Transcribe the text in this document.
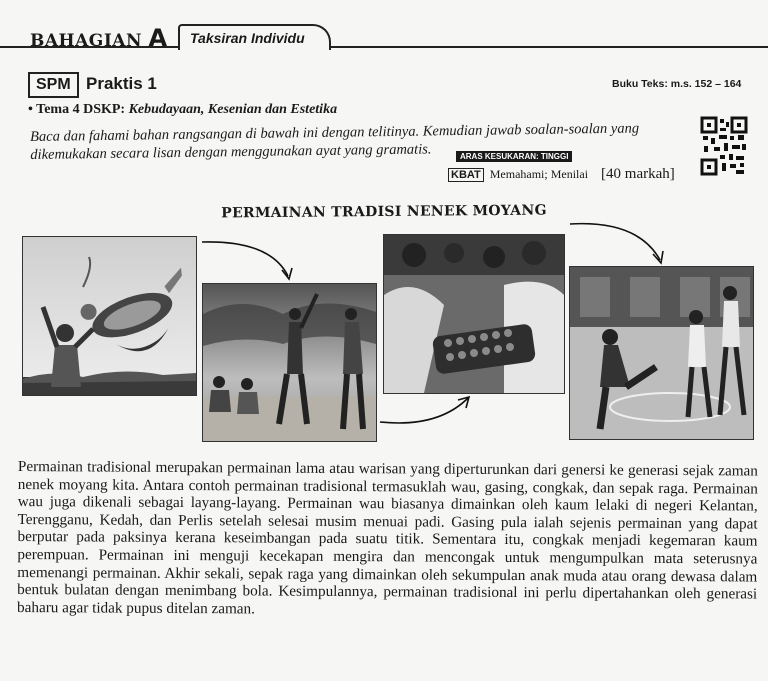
BAHAGIAN A	Taksiran Individu
SPM Praktis 1	Buku Teks: m.s. 152 – 164
• Tema 4 DSKP: Kebudayaan, Kesenian dan Estetika
Baca dan fahami bahan rangsangan di bawah ini dengan telitinya. Kemudian jawab soalan-soalan yang
dikemukakan secara lisan dengan menggunakan ayat yang gramatis.	ARAS KESUKARAN: TINGGI
KBAT Memahami; Menilai [40 markah]
PERMAINAN TRADISI NENEK MOYANG
Permainan tradisional merupakan permainan lama atau warisan yang diperturunkan dari genersi ke generasi sejak zaman nenek moyang kita. Antara contoh permainan tradisional termasuklah wau, gasing, congkak, dan sepak raga. Permainan wau juga dikenali sebagai layang-layang. Permainan wau biasanya dimainkan oleh kaum lelaki di negeri Kelantan, Terengganu, Kedah, dan Perlis setelah selesai musim menuai padi. Gasing pula ialah sejenis permainan yang dapat berputar pada paksinya kerana keseimbangan pada suatu titik. Sementara itu, congkak menjadi kegemaran kaum perempuan. Permainan ini menguji kecekapan mengira dan mencongak untuk mengumpulkan mata seterusnya memenangi permainan. Akhir sekali, sepak raga yang dimainkan oleh sekumpulan anak muda atau orang dewasa dalam bentuk bulatan dengan menimbang bola. Kesimpulannya, permainan tradisional ini perlu dipertahankan oleh generasi baharu agar tidak pupus ditelan zaman.
